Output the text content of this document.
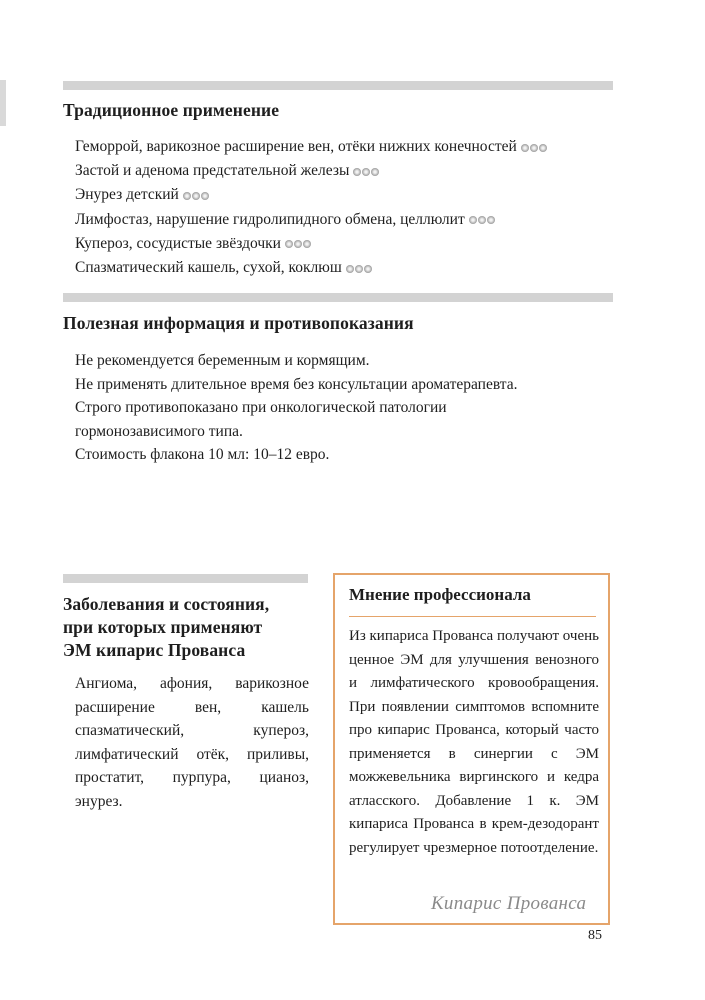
Традиционное применение
Геморрой, варикозное расширение вен, отёки нижних конечностей
Застой и аденома предстательной железы
Энурез детский
Лимфостаз, нарушение гидролипидного обмена, целлюлит
Купероз, сосудистые звёздочки
Спазматический кашель, сухой, коклюш
Полезная информация и противопоказания
Не рекомендуется беременным и кормящим.
Не применять длительное время без консультации ароматерапевта.
Строго противопоказано при онкологической патологии
гормонозависимого типа.
Стоимость флакона 10 мл: 10–12 евро.
Заболевания и состояния,
при которых применяют
ЭМ кипарис Прованса

Ангиома, афония, варикозное расширение вен, кашель спазматический, купероз, лимфатический отёк, приливы, простатит, пурпура, цианоз, энурез.

Мнение профессионала

Из кипариса Прованса получают очень ценное ЭМ для улучшения венозного и лимфатического кровообращения. При появлении симптомов вспомните про кипарис Прованса, который часто применяется в синергии с ЭМ можжевельника виргинского и кедра атласского. Добавление 1 к. ЭМ кипариса Прованса в крем-дезодорант регулирует чрезмерное потоотделение.

Кипарис Прованса
85
